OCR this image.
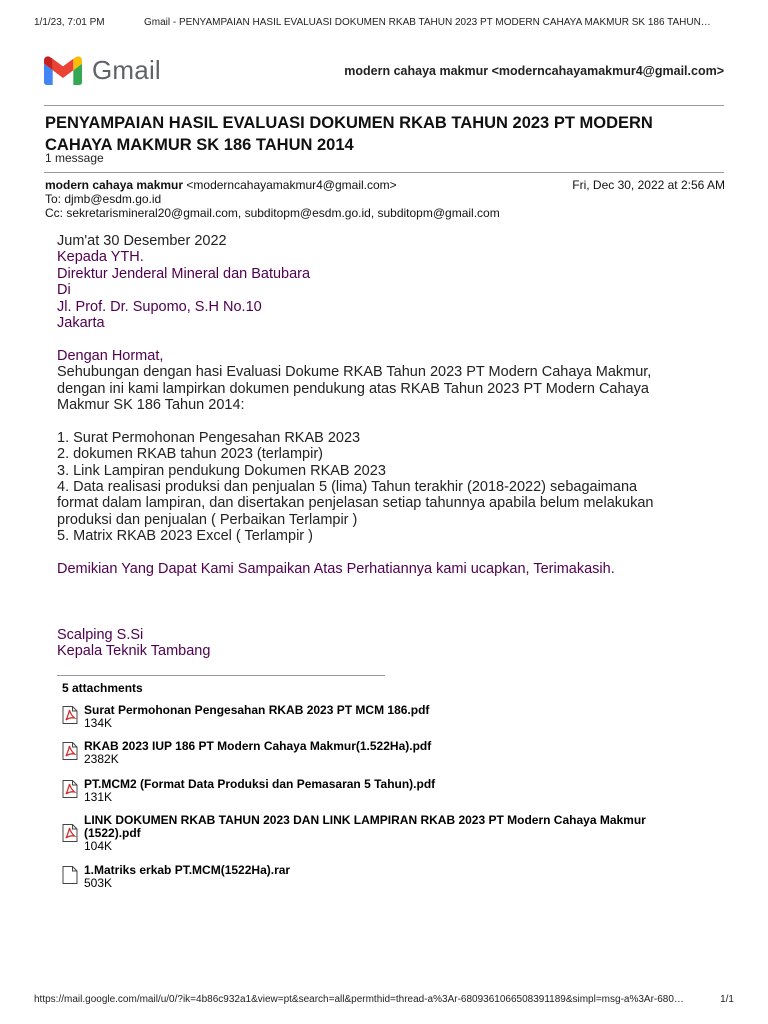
1/1/23, 7:01 PM	Gmail - PENYAMPAIAN HASIL EVALUASI DOKUMEN RKAB TAHUN 2023 PT MODERN CAHAYA MAKMUR SK 186 TAHUN…
Gmail	modern cahaya makmur <moderncahayamakmur4@gmail.com>
PENYAMPAIAN HASIL EVALUASI DOKUMEN RKAB TAHUN 2023 PT MODERN
CAHAYA MAKMUR SK 186 TAHUN 2014
1 message
modern cahaya makmur <moderncahayamakmur4@gmail.com>	Fri, Dec 30, 2022 at 2:56 AM
To: djmb@esdm.go.id
Cc: sekretarismineral20@gmail.com, subditopm@esdm.go.id, subditopm@gmail.com
Jum'at 30 Desember 2022
Kepada YTH.
Direktur Jenderal Mineral dan Batubara
Di
Jl. Prof. Dr. Supomo, S.H No.10
Jakarta
Dengan Hormat,
Sehubungan dengan hasi Evaluasi Dokume RKAB Tahun 2023 PT Modern Cahaya Makmur,
dengan ini kami lampirkan dokumen pendukung atas RKAB Tahun 2023 PT Modern Cahaya
Makmur SK 186 Tahun 2014:
1. Surat Permohonan Pengesahan RKAB 2023
2. dokumen RKAB tahun 2023 (terlampir)
3. Link Lampiran pendukung Dokumen RKAB 2023
4. Data realisasi produksi dan penjualan 5 (lima) Tahun terakhir (2018-2022) sebagaimana
format dalam lampiran, dan disertakan penjelasan setiap tahunnya apabila belum melakukan
produksi dan penjualan ( Perbaikan Terlampir )
5. Matrix RKAB 2023 Excel ( Terlampir )
Demikian Yang Dapat Kami Sampaikan Atas Perhatiannya kami ucapkan, Terimakasih.
Scalping S.Si
Kepala Teknik Tambang
5 attachments
Surat Permohonan Pengesahan RKAB 2023 PT MCM 186.pdf
134K
RKAB 2023 IUP 186 PT Modern Cahaya Makmur(1.522Ha).pdf
2382K
PT.MCM2 (Format Data Produksi dan Pemasaran 5 Tahun).pdf
131K
LINK DOKUMEN RKAB TAHUN 2023 DAN LINK LAMPIRAN RKAB 2023 PT Modern Cahaya Makmur
(1522).pdf
104K
1.Matriks erkab PT.MCM(1522Ha).rar
503K
https://mail.google.com/mail/u/0/?ik=4b86c932a1&view=pt&search=all&permthid=thread-a%3Ar-6809361066508391189&simpl=msg-a%3Ar-680…	1/1
